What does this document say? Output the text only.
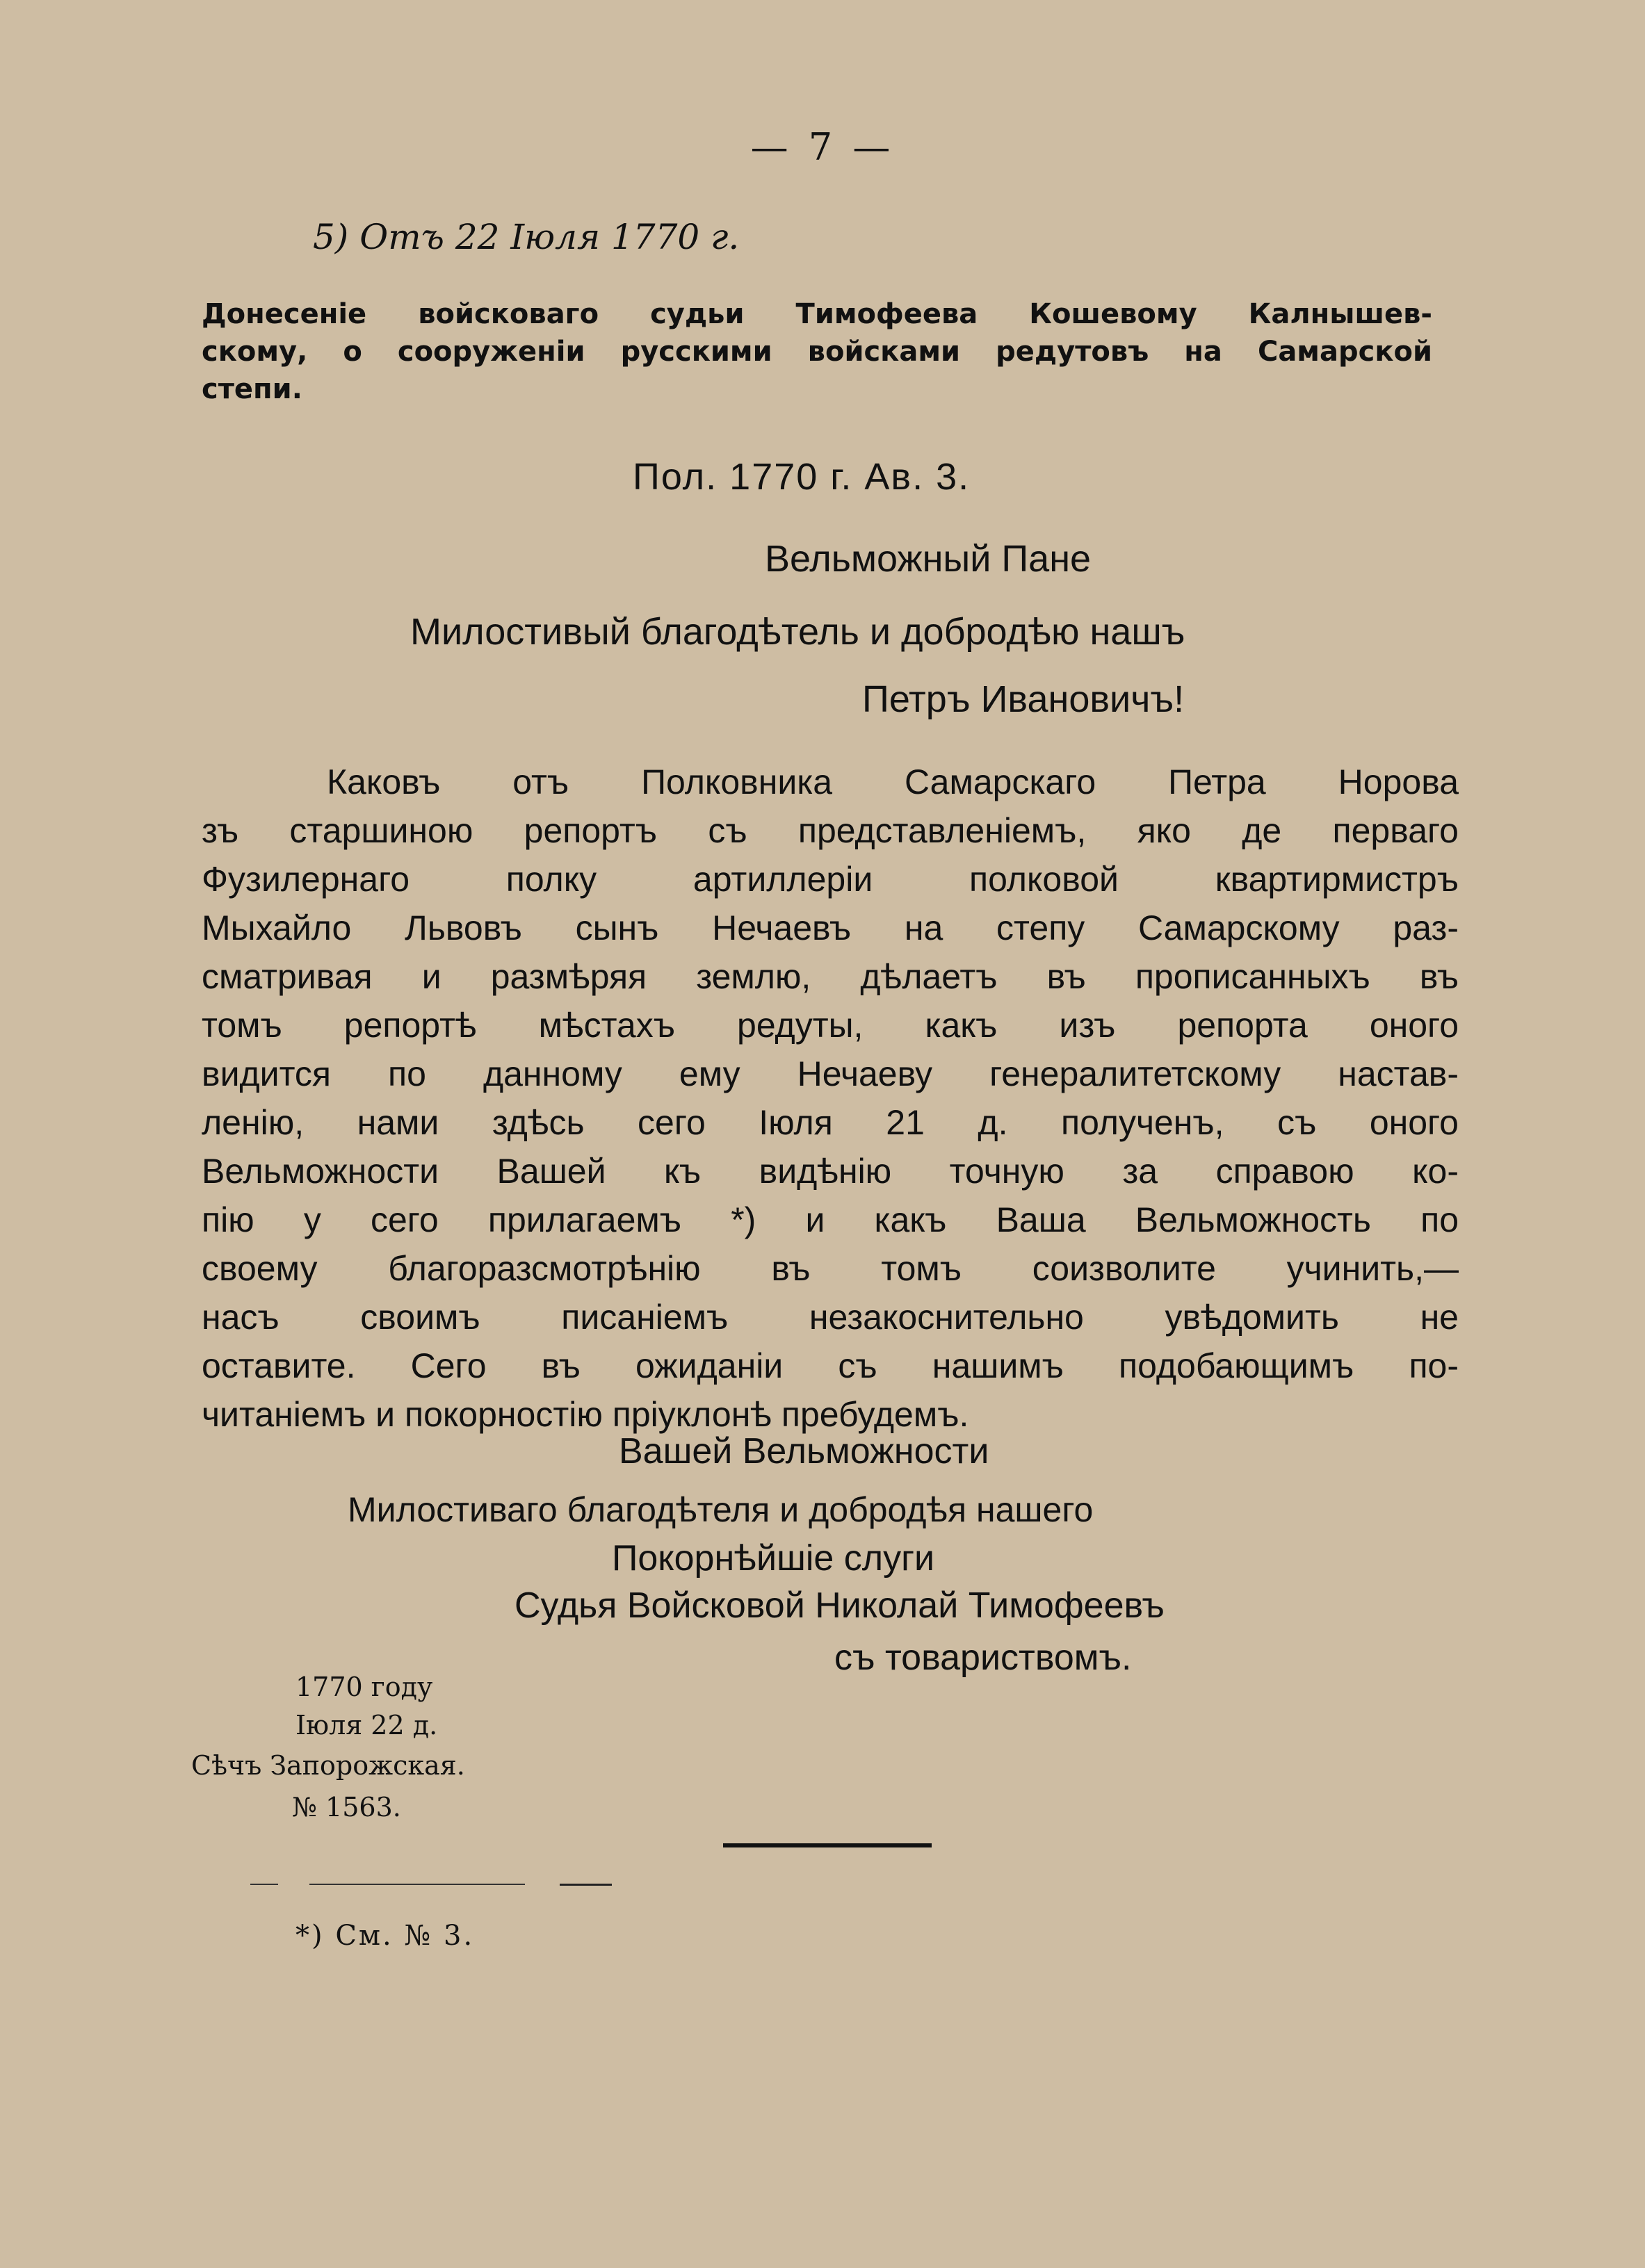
— 7 —
5) Отъ 22 Іюля 1770 г.
Донесеніе войсковаго судьи Тимофеева Кошевому Калнышев-
скому, о сооруженіи русскими войсками редутовъ на Самарской
степи.
Пол. 1770 г. Ав. 3.
Вельможный Пане
Милостивый благодѣтель и добродѣю нашъ
Петръ Ивановичъ!
Каковъ отъ Полковника Самарскаго Петра Норова
зъ старшиною репортъ съ представленіемъ, яко де перваго
Фузилернаго полку артиллеріи полковой квартирмистръ
Мыхайло Львовъ сынъ Нечаевъ на степу Самарскому раз-
сматривая и размѣряя землю, дѣлаетъ въ прописанныхъ въ
томъ репортѣ мѣстахъ редуты, какъ изъ репорта оного
видится по данному ему Нечаеву генералитетскому настав-
ленію, нами здѣсь сего Іюля 21 д. полученъ, съ оного
Вельможности Вашей къ видѣнію точную за справою ко-
пію у сего прилагаемъ *) и какъ Ваша Вельможность по
своему благоразсмотрѣнію въ томъ соизволите учинить,—
насъ своимъ писаніемъ незакоснительно увѣдомить не
оставите. Сего въ ожиданіи съ нашимъ подобающимъ по-
читаніемъ и покорностію пріуклонѣ пребудемъ.
Вашей Вельможности
Милостиваго благодѣтеля и добродѣя нашего
Покорнѣйшіе слуги
Судья Войсковой Николай Тимофеевъ
съ товариствомъ.
1770 году
Іюля 22 д.
Сѣчъ Запорожская.
№ 1563.
*) См. № 3.
